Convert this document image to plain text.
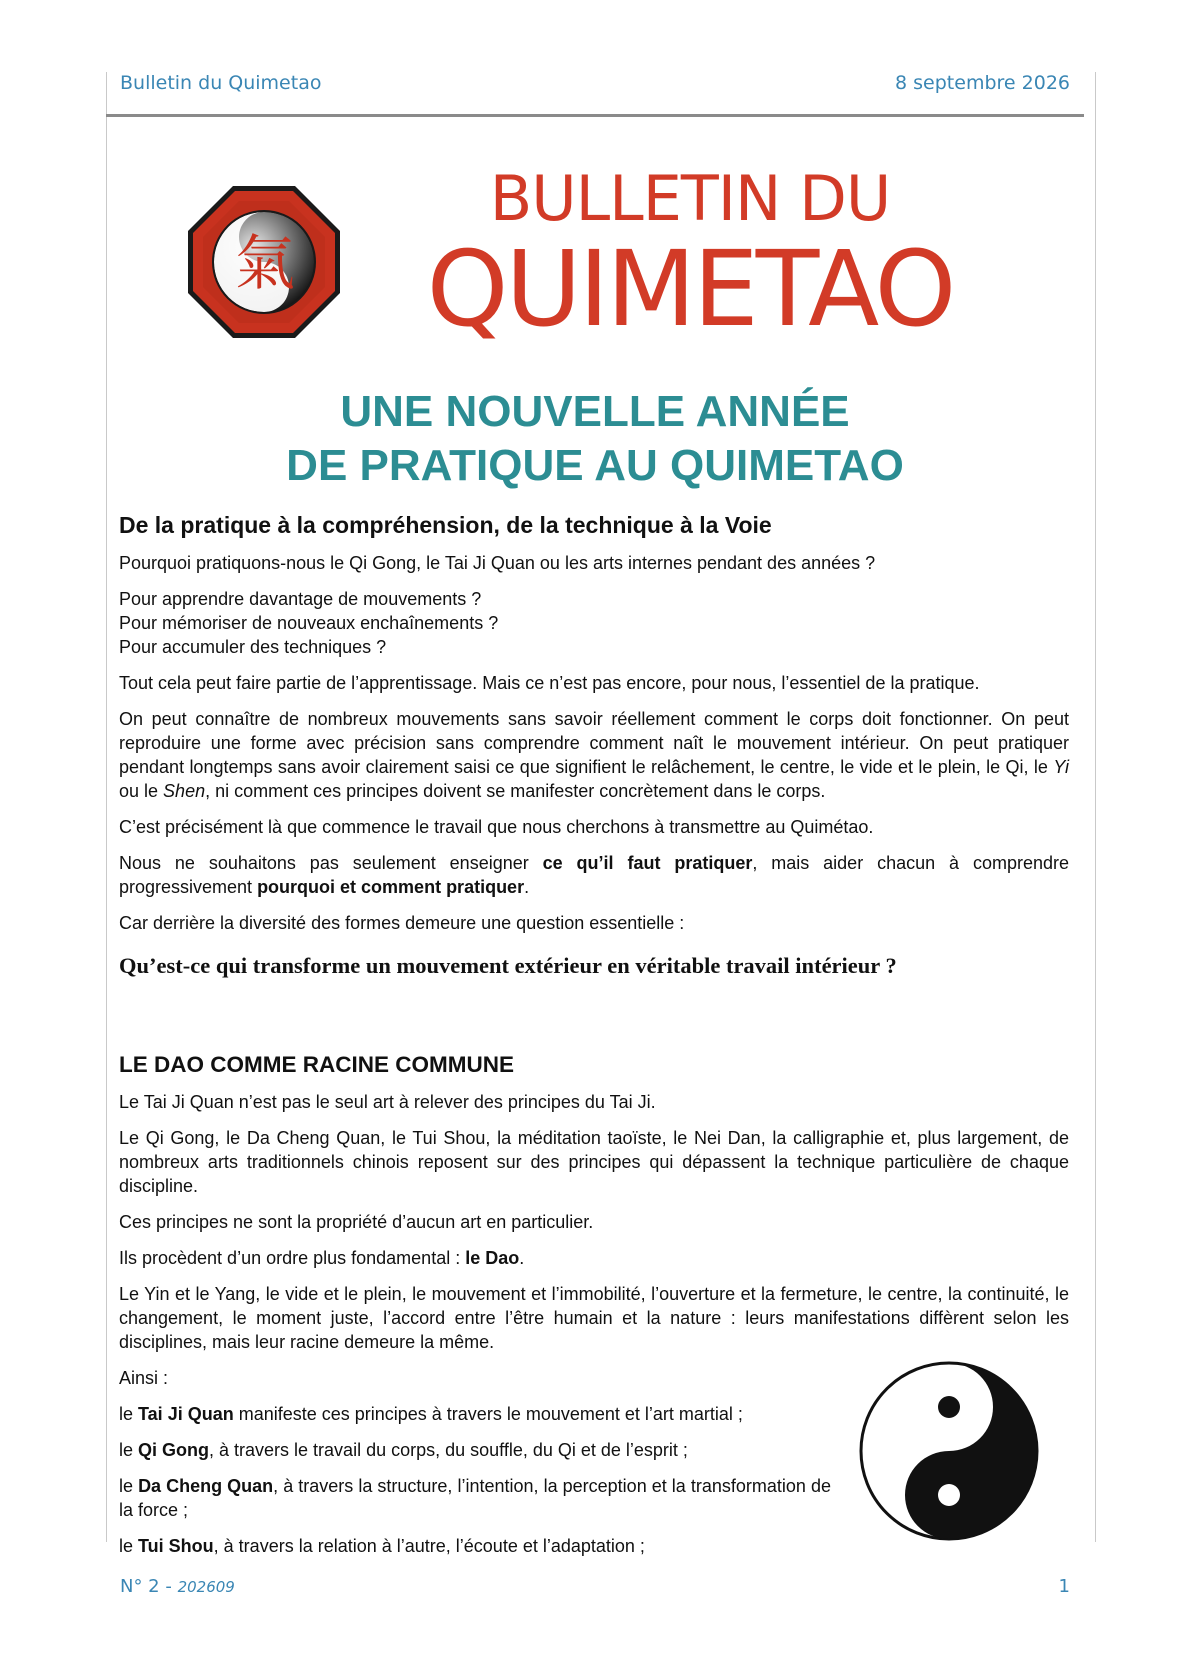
Bulletin du Quimetao	8 septembre 2026
氣
BULLETIN DU
QUIMETAO
UNE NOUVELLE ANNÉE
DE PRATIQUE AU QUIMETAO
De la pratique à la compréhension, de la technique à la Voie

Pourquoi pratiquons-nous le Qi Gong, le Tai Ji Quan ou les arts internes pendant des années ?

Pour apprendre davantage de mouvements ?
Pour mémoriser de nouveaux enchaînements ?
Pour accumuler des techniques ?

Tout cela peut faire partie de l’apprentissage. Mais ce n’est pas encore, pour nous, l’essentiel de la pratique.

On peut connaître de nombreux mouvements sans savoir réellement comment le corps doit fonctionner. On peut reproduire une forme avec précision sans comprendre comment naît le mouvement intérieur. On peut pratiquer pendant longtemps sans avoir clairement saisi ce que signifient le relâchement, le centre, le vide et le plein, le Qi, le Yi ou le Shen, ni comment ces principes doivent se manifester concrètement dans le corps.

C’est précisément là que commence le travail que nous cherchons à transmettre au Quimétao.

Nous ne souhaitons pas seulement enseigner ce qu’il faut pratiquer, mais aider chacun à comprendre progressivement pourquoi et comment pratiquer.

Car derrière la diversité des formes demeure une question essentielle :

Qu’est-ce qui transforme un mouvement extérieur en véritable travail intérieur ?
LE DAO COMME RACINE COMMUNE

Le Tai Ji Quan n’est pas le seul art à relever des principes du Tai Ji.

Le Qi Gong, le Da Cheng Quan, le Tui Shou, la méditation taoïste, le Nei Dan, la calligraphie et, plus largement, de nombreux arts traditionnels chinois reposent sur des principes qui dépassent la technique particulière de chaque discipline.

Ces principes ne sont la propriété d’aucun art en particulier.

Ils procèdent d’un ordre plus fondamental : le Dao.

Le Yin et le Yang, le vide et le plein, le mouvement et l’immobilité, l’ouverture et la fermeture, le centre, la continuité, le changement, le moment juste, l’accord entre l’être humain et la nature : leurs manifestations diffèrent selon les disciplines, mais leur racine demeure la même.

Ainsi :

le Tai Ji Quan manifeste ces principes à travers le mouvement et l’art martial ;

le Qi Gong, à travers le travail du corps, du souffle, du Qi et de l’esprit ;

le Da Cheng Quan, à travers la structure, l’intention, la perception et la transformation de la force ;

le Tui Shou, à travers la relation à l’autre, l’écoute et l’adaptation ;

N° 2 - 202609	1
